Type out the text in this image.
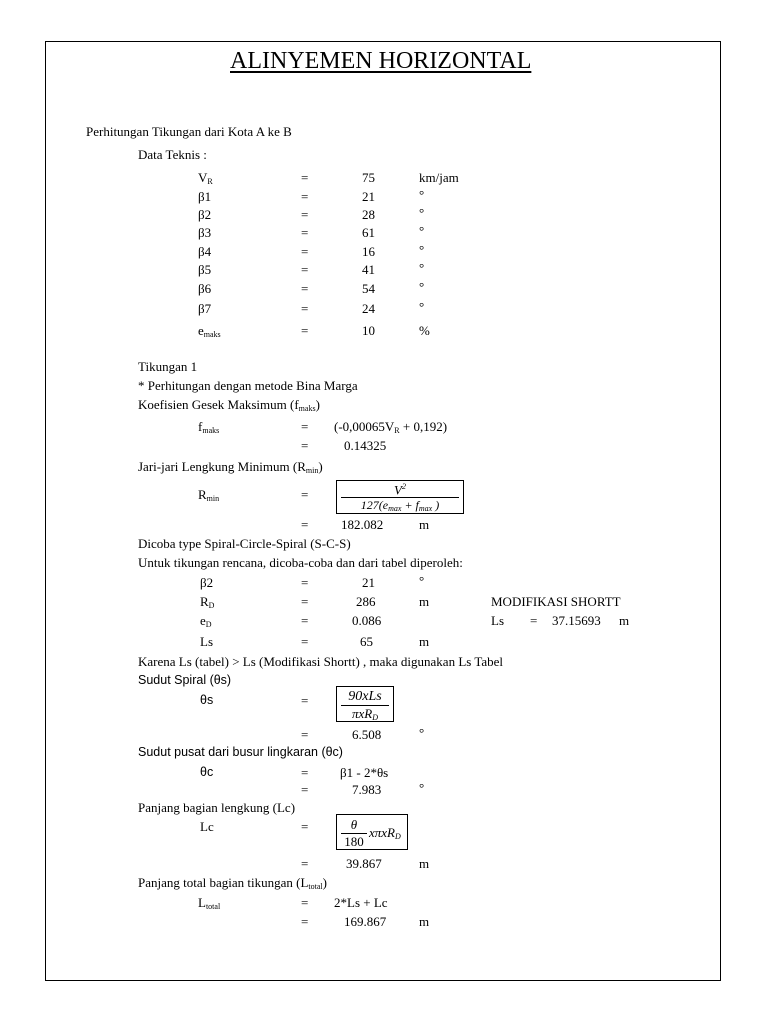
ALINYEMEN HORIZONTAL
Perhitungan Tikungan dari Kota A ke B
Data Teknis :
$V_R$	=	75	km/jam
β1	=	21	°
β2	=	28	°
β3	=	61	°
β4	=	16	°
β5	=	41	°
β6	=	54	°
β7	=	24	°
$e_{maks}$	=	10	%
Tikungan 1
* Perhitungan dengan metode Bina Marga
Koefisien Gesek Maksimum $(f_{maks})$
$f_{maks}$	= $(-0,00065V_R + 0,192)$
=	0.14325
Jari-jari Lengkung Minimum $(R_{min})$
$R_{min}$	=	$V^2$
$127(e_{max} + f_{max}$ )
=	182.082	m
Dicoba type Spiral-Circle-Spiral (S-C-S)
Untuk tikungan rencana, dicoba-coba dan dari tabel diperoleh:
β2	=	21	°
$R_D$	=	286	m	MODIFIKASI SHORTT
$e_D$	=	0.086	Ls = 37.15693 m
Ls	=	65	m
Karena Ls (tabel) > Ls (Modifikasi Shortt) , maka digunakan Ls Tabel
Sudut Spiral (θs)
θs	=	90xLs
πxR$_D$
=	6.508	°
Sudut pusat dari busur lingkaran (θc)
θc	= β1 - 2*θs
=	7.983	°
Panjang bagian lengkung (Lc)
Lc	=	θ
180
xπxR$_D$
=	39.867	m
Panjang total bagian tikungan $(L_{total})$
$L_{total}$	= 2*Ls + Lc
=	169.867	m
